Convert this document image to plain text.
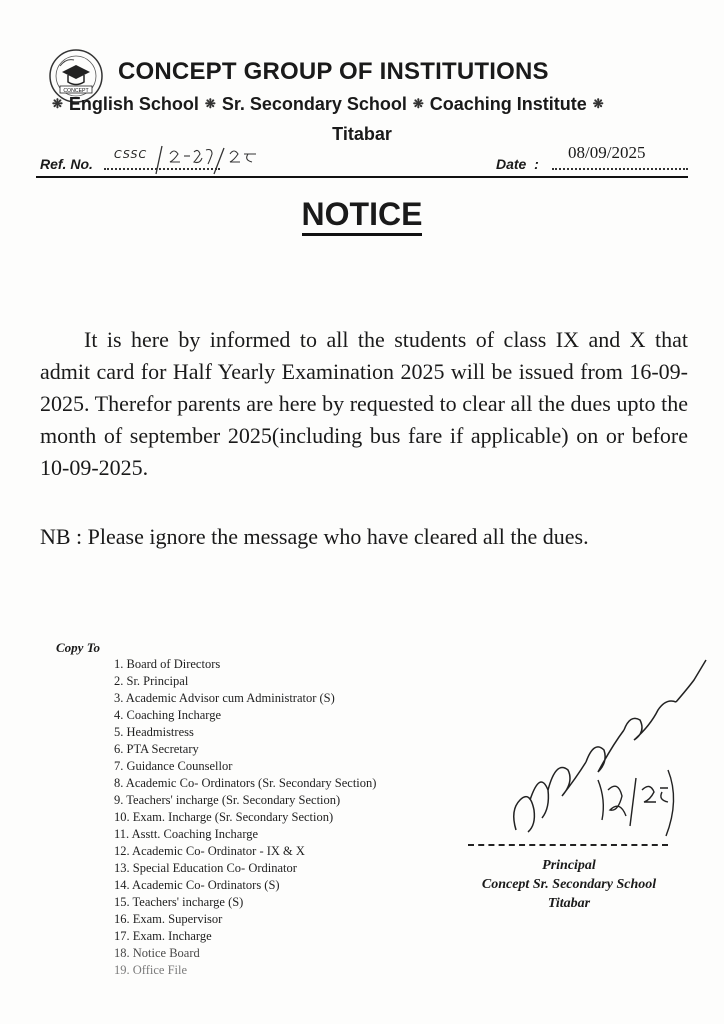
CONCEPT
CONCEPT GROUP OF INSTITUTIONS
❋ English School ❋ Sr. Secondary School ❋ Coaching Institute ❋
Titabar
Ref. No.
CSSC
Date  :
08/09/2025
NOTICE
It is here by informed to all the students of class IX and X that admit card for Half Yearly Examination 2025 will be issued from 16-09-2025. Therefor parents are here by requested to clear all the dues upto the month of september 2025(including bus fare if applicable) on or before 10-09-2025.
NB : Please ignore the message who have cleared all the dues.
Copy To
1. Board of Directors
2. Sr. Principal
3. Academic Advisor cum Administrator (S)
4. Coaching Incharge
5. Headmistress
6. PTA Secretary
7. Guidance Counsellor
8. Academic Co- Ordinators (Sr. Secondary Section)
9. Teachers' incharge (Sr. Secondary Section)
10. Exam. Incharge (Sr. Secondary Section)
11. Asstt. Coaching Incharge
12. Academic Co- Ordinator - IX & X
13. Special Education Co- Ordinator
14. Academic Co- Ordinators (S)
15. Teachers' incharge (S)
16. Exam. Supervisor
17. Exam. Incharge
18. Notice Board
19. Office File
Principal
Concept Sr. Secondary School
Titabar
